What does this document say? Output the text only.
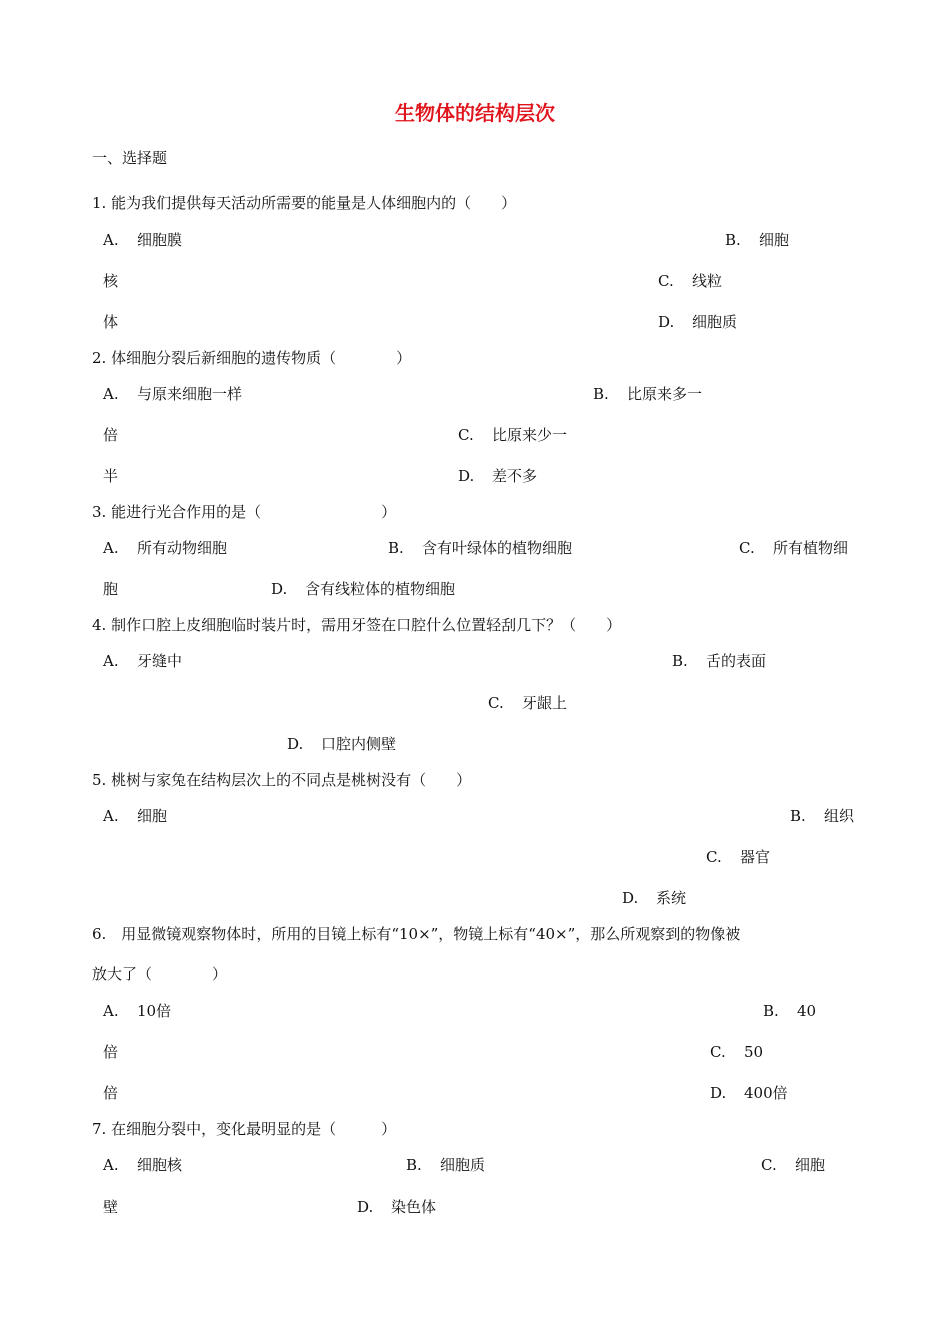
生物体的结构层次
一、选择题
1. 能为我们提供每天活动所需要的能量是人体细胞内的（　　）
A. 细胞膜	B. 细胞
核	C. 线粒
体	D. 细胞质
2. 体细胞分裂后新细胞的遗传物质（　　　　）
A. 与原来细胞一样	B. 比原来多一
倍	C. 比原来少一
半	D. 差不多
3. 能进行光合作用的是（　　　　　　　　）
A. 所有动物细胞	B. 含有叶绿体的植物细胞	C. 所有植物细
胞	D. 含有线粒体的植物细胞
4. 制作口腔上皮细胞临时装片时，需用牙签在口腔什么位置轻刮几下？（　　）
A. 牙缝中	B. 舌的表面
C. 牙龈上
D. 口腔内侧壁
5. 桃树与家兔在结构层次上的不同点是桃树没有（　　）
A. 细胞	B. 组织
C. 器官
D. 系统
6.　用显微镜观察物体时，所用的目镜上标有“10×”，物镜上标有“40×”，那么所观察到的物像被
放大了（　　　　）
A. 10倍	B. 40
倍	C. 50
倍	D. 400倍
7. 在细胞分裂中，变化最明显的是（　　　）
A. 细胞核	B. 细胞质	C. 细胞
壁	D. 染色体
